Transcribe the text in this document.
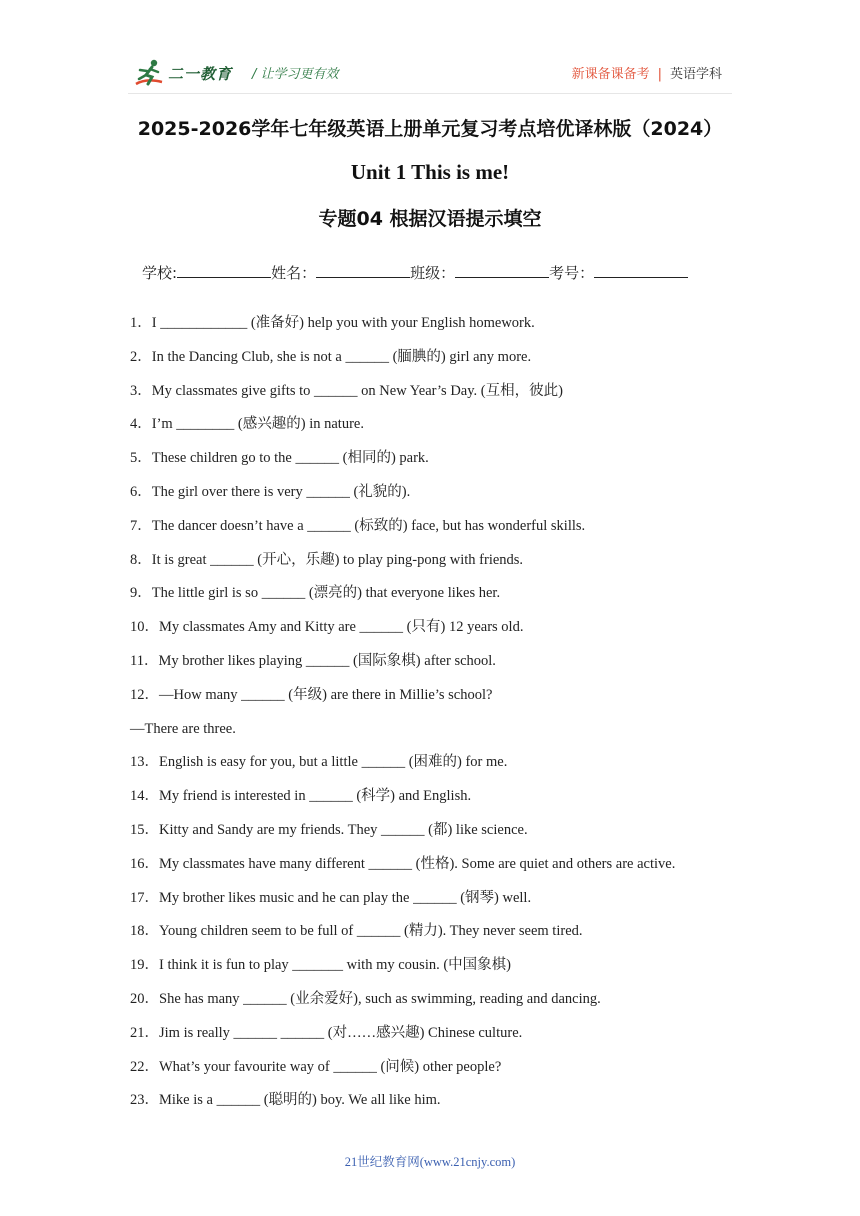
二一教育 / 让学习更有效	新课备课备考 | 英语学科
2025-2026学年七年级英语上册单元复习考点培优译林版（2024）
Unit 1 This is me!
专题04 根据汉语提示填空
学校:	姓名：	班级：	考号：
1．I ____________ (准备好) help you with your English homework.
2．In the Dancing Club, she is not a ______ (腼腆的) girl any more.
3．My classmates give gifts to ______ on New Year’s Day. (互相，彼此)
4．I’m ________ (感兴趣的) in nature.
5．These children go to the ______ (相同的) park.
6．The girl over there is very ______ (礼貌的).
7．The dancer doesn’t have a ______ (标致的) face, but has wonderful skills.
8．It is great ______ (开心，乐趣) to play ping-pong with friends.
9．The little girl is so ______ (漂亮的) that everyone likes her.
10．My classmates Amy and Kitty are ______ (只有) 12 years old.
11．My brother likes playing ______ (国际象棋) after school.
12．—How many ______ (年级) are there in Millie’s school?
—There are three.
13．English is easy for you, but a little ______ (困难的) for me.
14．My friend is interested in ______ (科学) and English.
15．Kitty and Sandy are my friends. They ______ (都) like science.
16．My classmates have many different ______ (性格). Some are quiet and others are active.
17．My brother likes music and he can play the ______ (钢琴) well.
18．Young children seem to be full of ______ (精力). They never seem tired.
19．I think it is fun to play _______ with my cousin. (中国象棋)
20．She has many ______ (业余爱好), such as swimming, reading and dancing.
21．Jim is really ______ ______ (对……感兴趣) Chinese culture.
22．What’s your favourite way of ______ (问候) other people?
23．Mike is a ______ (聪明的) boy. We all like him.
21世纪教育网(www.21cnjy.com)
